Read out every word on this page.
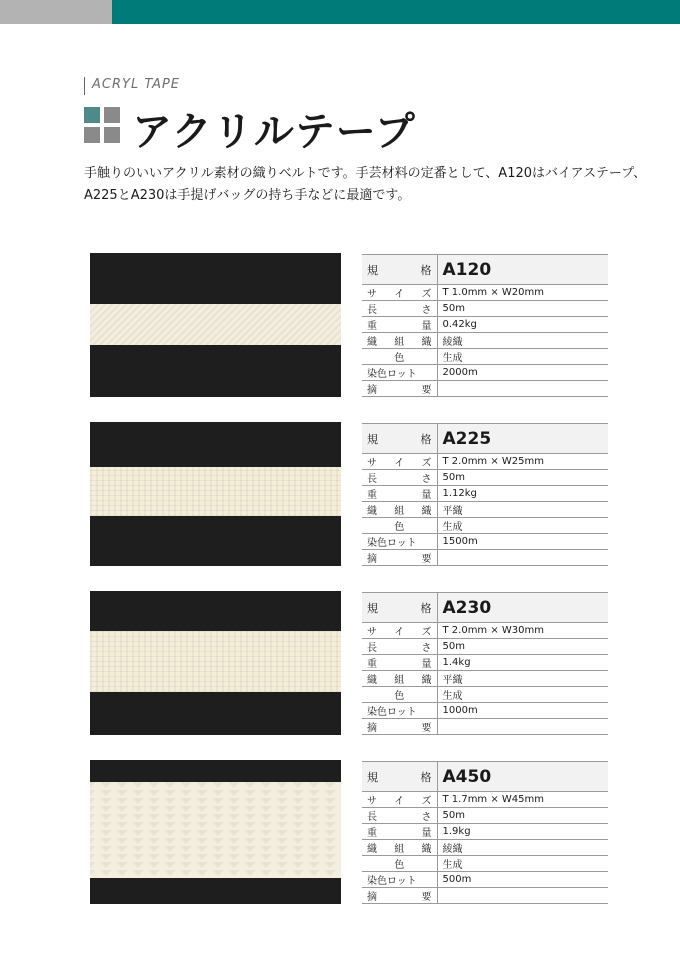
ACRYL TAPE
アクリルテープ

手触りのいいアクリル素材の織りベルトです。手芸材料の定番として、A120はバイアステープ、

A225とA230は手提げバッグの持ち手などに最適です。

規 格	A120

サ イ ズ	T 1.0mm × W20mm

長 さ	50m

重 量	0.42kg

織 組 織	綾織

色	生成
染色ロット	2000m

摘 要	

規 格	A225

サ イ ズ	T 2.0mm × W25mm

長 さ	50m

重 量	1.12kg

織 組 織	平織

色	生成
染色ロット	1500m

摘 要	

規 格	A230

サ イ ズ	T 2.0mm × W30mm

長 さ	50m

重 量	1.4kg

織 組 織	平織

色	生成
染色ロット	1000m

摘 要	

規 格	A450

サ イ ズ	T 1.7mm × W45mm

長 さ	50m

重 量	1.9kg

織 組 織	綾織

色	生成
染色ロット	500m

摘 要	
